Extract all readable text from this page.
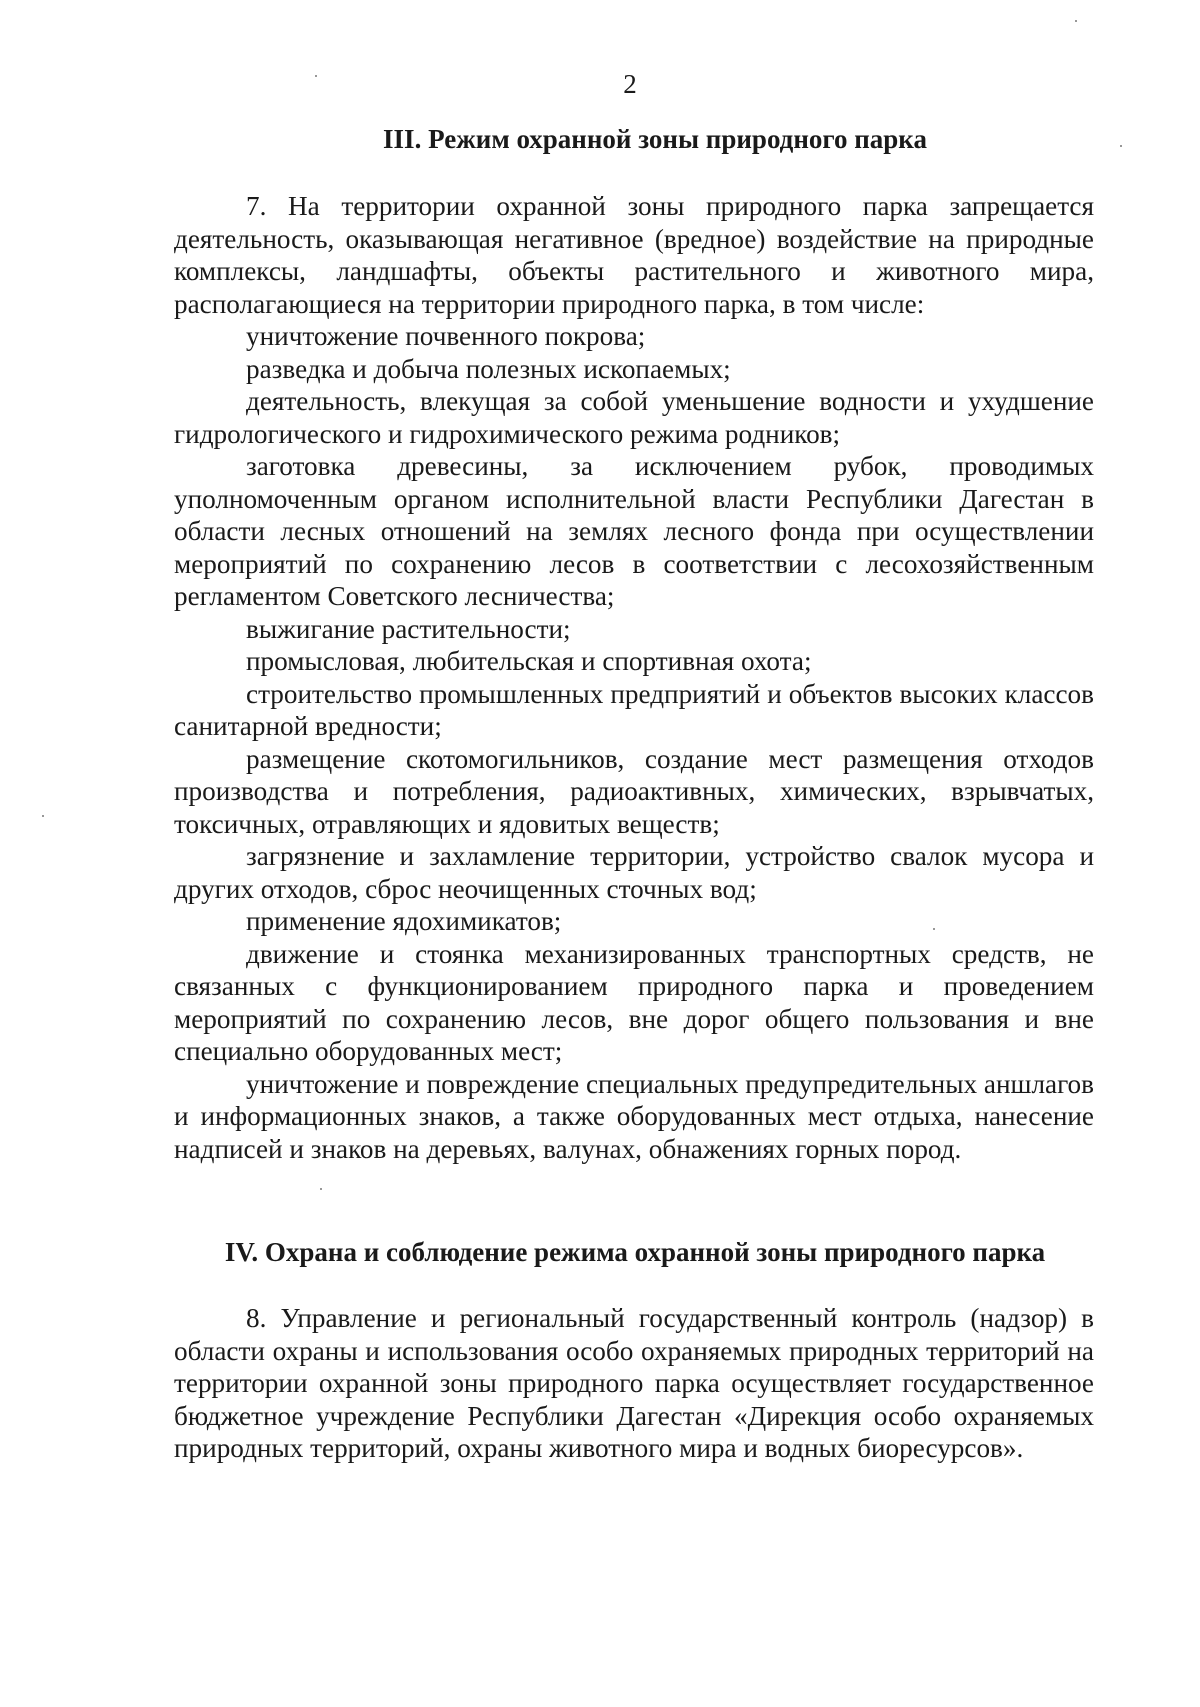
2
III. Режим охранной зоны природного парка

7. На территории охранной зоны природного парка запрещается деятельность, оказывающая негативное (вредное) воздействие на природные комплексы, ландшафты, объекты растительного и животного мира, располагающиеся на территории природного парка, в том числе:

уничтожение почвенного покрова;

разведка и добыча полезных ископаемых;

деятельность, влекущая за собой уменьшение водности и ухудшение гидрологического и гидрохимического режима родников;

заготовка древесины, за исключением рубок, проводимых уполномоченным органом исполнительной власти Республики Дагестан в области лесных отношений на землях лесного фонда при осуществлении мероприятий по сохранению лесов в соответствии с лесохозяйственным регламентом Советского лесничества;

выжигание растительности;

промысловая, любительская и спортивная охота;

строительство промышленных предприятий и объектов высоких классов санитарной вредности;

размещение скотомогильников, создание мест размещения отходов производства и потребления, радиоактивных, химических, взрывчатых, токсичных, отравляющих и ядовитых веществ;

загрязнение и захламление территории, устройство свалок мусора и других отходов, сброс неочищенных сточных вод;

применение ядохимикатов;

движение и стоянка механизированных транспортных средств, не связанных с функционированием природного парка и проведением мероприятий по сохранению лесов, вне дорог общего пользования и вне специально оборудованных мест;

уничтожение и повреждение специальных предупредительных аншлагов и информационных знаков, а также оборудованных мест отдыха, нанесение надписей и знаков на деревьях, валунах, обнажениях горных пород.

IV. Охрана и соблюдение режима охранной зоны природного парка

8. Управление и региональный государственный контроль (надзор) в области охраны и использования особо охраняемых природных территорий на территории охранной зоны природного парка осуществляет государственное бюджетное учреждение Республики Дагестан «Дирекция особо охраняемых природных территорий, охраны животного мира и водных биоресурсов».
